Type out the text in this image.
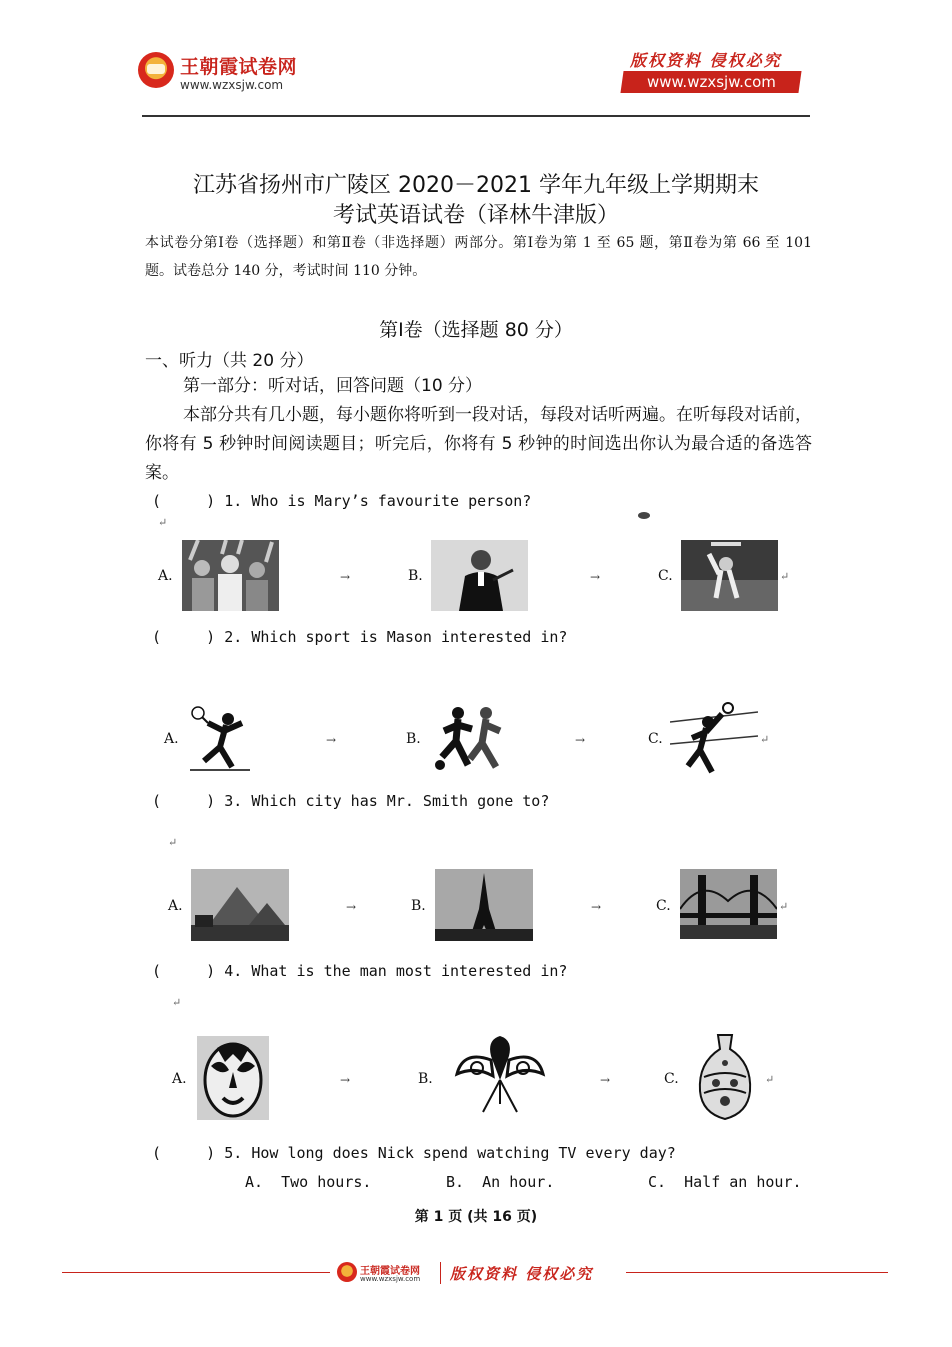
王朝霞试卷网
www.wzxsjw.com
版权资料 侵权必究
www.wzxsjw.com
江苏省扬州市广陵区 2020－2021 学年九年级上学期期末
考试英语试卷（译林牛津版）
本试卷分第Ⅰ卷（选择题）和第Ⅱ卷（非选择题）两部分。第Ⅰ卷为第 1 至 65 题，第Ⅱ卷为第 66 至 101 题。试卷总分 140 分，考试时间 110 分钟。
第Ⅰ卷（选择题 80 分）
一、听力（共 20 分）
第一部分：听对话，回答问题（10 分）
本部分共有几小题，每小题你将听到一段对话，每段对话听两遍。在听每段对话前，你将有 5 秒钟时间阅读题目；听完后，你将有 5 秒钟的时间选出你认为最合适的备选答案。
(     ) 1. Who is Mary’s favourite person?
↵
A.	→	B.	→	C.	↵
(     ) 2. Which sport is Mason interested in?
A.	→	B.	→	C.	↵
(     ) 3. Which city has Mr. Smith gone to?
↵
A.	→	B.	→	C.	↵
(     ) 4. What is the man most interested in?
↵
A.	→	B.	→	C.	↵
(     ) 5. How long does Nick spend watching TV every day?
A.  Two hours.	B.  An hour.	C.  Half an hour.
第 1 页 (共 16 页)
王朝霞试卷网
www.wzxsjw.com 版权资料 侵权必究
